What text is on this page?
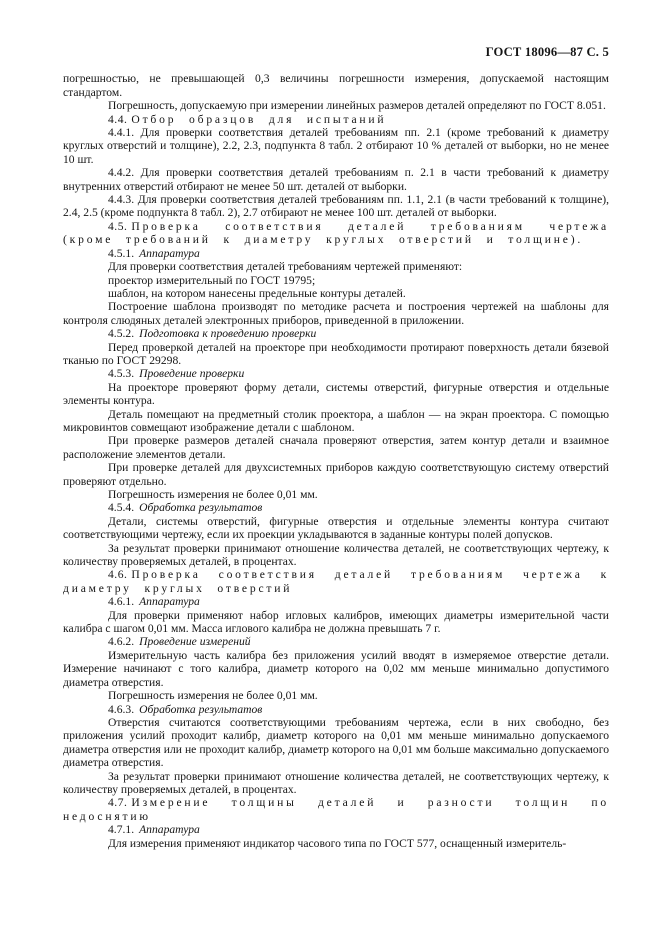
ГОСТ 18096—87 С. 5

погрешностью, не превышающей 0,3 величины погрешности измерения, допускаемой настоящим стандартом.

Погрешность, допускаемую при измерении линейных размеров деталей определяют по ГОСТ 8.051.

4.4. Отбор образцов для испытаний

4.4.1. Для проверки соответствия деталей требованиям пп. 2.1 (кроме требований к диаметру круглых отверстий и толщине), 2.2, 2.3, подпункта 8 табл. 2 отбирают 10 % деталей от выборки, но не менее 10 шт.

4.4.2. Для проверки соответствия деталей требованиям п. 2.1 в части требований к диаметру внутренних отверстий отбирают не менее 50 шт. деталей от выборки.

4.4.3. Для проверки соответствия деталей требованиям пп. 1.1, 2.1 (в части требований к толщине), 2.4, 2.5 (кроме подпункта 8 табл. 2), 2.7 отбирают не менее 100 шт. деталей от выборки.

4.5. Проверка соответствия деталей требованиям чертежа (кроме требований к диаметру круглых отверстий и толщине).

4.5.1. Аппаратура

Для проверки соответствия деталей требованиям чертежей применяют:

проектор измерительный по ГОСТ 19795;

шаблон, на котором нанесены предельные контуры деталей.

Построение шаблона производят по методике расчета и построения чертежей на шаблоны для контроля слюдяных деталей электронных приборов, приведенной в приложении.

4.5.2. Подготовка к проведению проверки

Перед проверкой деталей на проекторе при необходимости протирают поверхность детали бязевой тканью по ГОСТ 29298.

4.5.3. Проведение проверки

На проекторе проверяют форму детали, системы отверстий, фигурные отверстия и отдельные элементы контура.

Деталь помещают на предметный столик проектора, а шаблон — на экран проектора. С помощью микровинтов совмещают изображение детали с шаблоном.

При проверке размеров деталей сначала проверяют отверстия, затем контур детали и взаимное расположение элементов детали.

При проверке деталей для двухсистемных приборов каждую соответствующую систему отверстий проверяют отдельно.

Погрешность измерения не более 0,01 мм.

4.5.4. Обработка результатов

Детали, системы отверстий, фигурные отверстия и отдельные элементы контура считают соответствующими чертежу, если их проекции укладываются в заданные контуры полей допусков.

За результат проверки принимают отношение количества деталей, не соответствующих чертежу, к количеству проверяемых деталей, в процентах.

4.6. Проверка соответствия деталей требованиям чертежа к диаметру круглых отверстий

4.6.1. Аппаратура

Для проверки применяют набор игловых калибров, имеющих диаметры измерительной части калибра с шагом 0,01 мм. Масса иглового калибра не должна превышать 7 г.

4.6.2. Проведение измерений

Измерительную часть калибра без приложения усилий вводят в измеряемое отверстие детали. Измерение начинают с того калибра, диаметр которого на 0,02 мм меньше минимально допустимого диаметра отверстия.

Погрешность измерения не более 0,01 мм.

4.6.3. Обработка результатов

Отверстия считаются соответствующими требованиям чертежа, если в них свободно, без приложения усилий проходит калибр, диаметр которого на 0,01 мм меньше минимально допускаемого диаметра отверстия или не проходит калибр, диаметр которого на 0,01 мм больше максимально допускаемого диаметра отверстия.

За результат проверки принимают отношение количества деталей, не соответствующих чертежу, к количеству проверяемых деталей, в процентах.

4.7. Измерение толщины деталей и разности толщин по недоснятию

4.7.1. Аппаратура

Для измерения применяют индикатор часового типа по ГОСТ 577, оснащенный измеритель-
